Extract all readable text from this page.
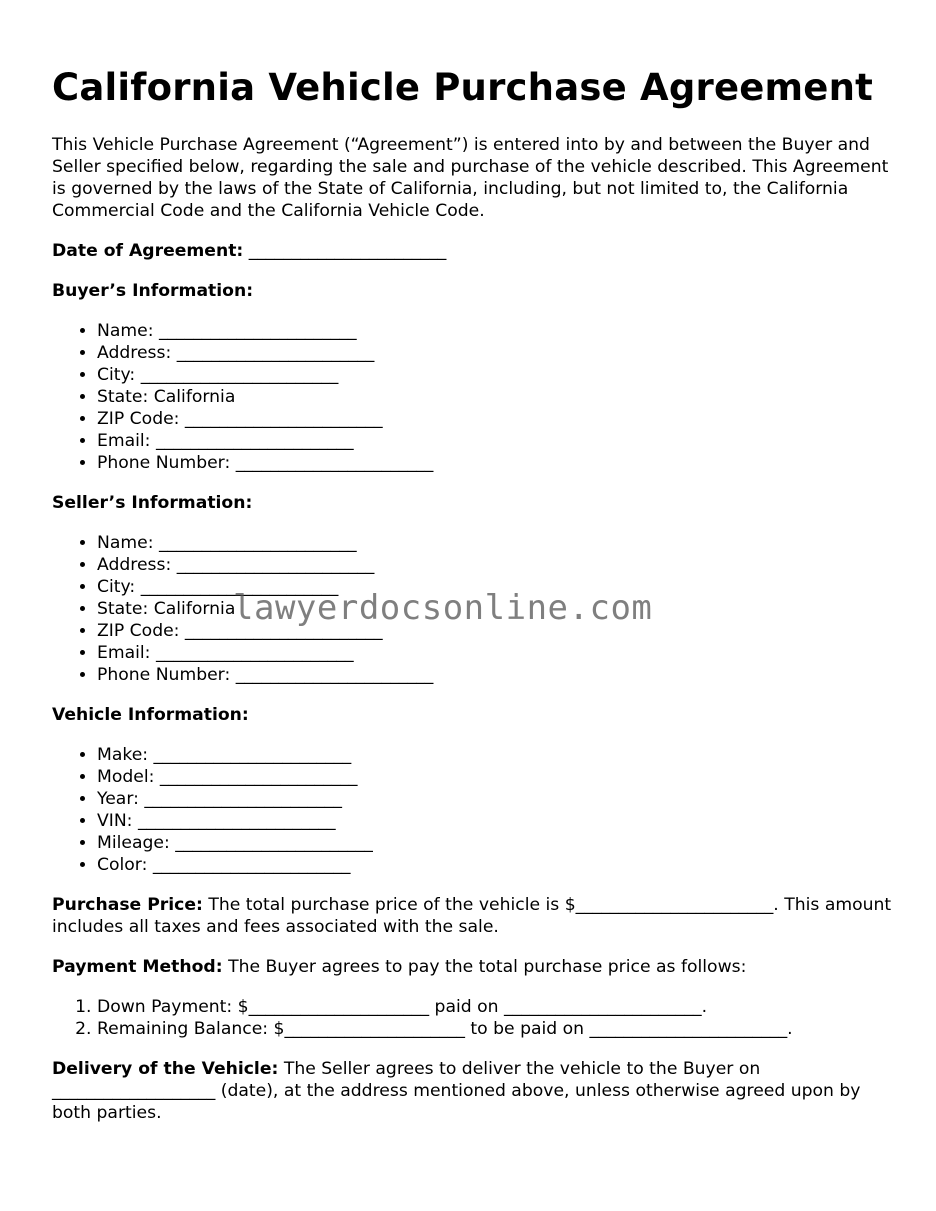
California Vehicle Purchase Agreement

This Vehicle Purchase Agreement (“Agreement”) is entered into by and between the Buyer and Seller specified below, regarding the sale and purchase of the vehicle described. This Agreement is governed by the laws of the State of California, including, but not limited to, the California Commercial Code and the California Vehicle Code.

Date of Agreement: _______________________

Buyer’s Information:

• Name: _______________________
• Address: _______________________
• City: _______________________
• State: California
• ZIP Code: _______________________
• Email: _______________________
• Phone Number: _______________________

Seller’s Information:

• Name: _______________________
• Address: _______________________
• City: _______________________
• State: California
• ZIP Code: _______________________
• Email: _______________________
• Phone Number: _______________________

Vehicle Information:

• Make: _______________________
• Model: _______________________
• Year: _______________________
• VIN: _______________________
• Mileage: _______________________
• Color: _______________________

Purchase Price: The total purchase price of the vehicle is $_______________________. This amount includes all taxes and fees associated with the sale.

Payment Method: The Buyer agrees to pay the total purchase price as follows:

1. Down Payment: $_____________________ paid on _______________________.
2. Remaining Balance: $_____________________ to be paid on _______________________.

Delivery of the Vehicle: The Seller agrees to deliver the vehicle to the Buyer on ___________________ (date), at the address mentioned above, unless otherwise agreed upon by both parties.

lawyerdocsonline.com
